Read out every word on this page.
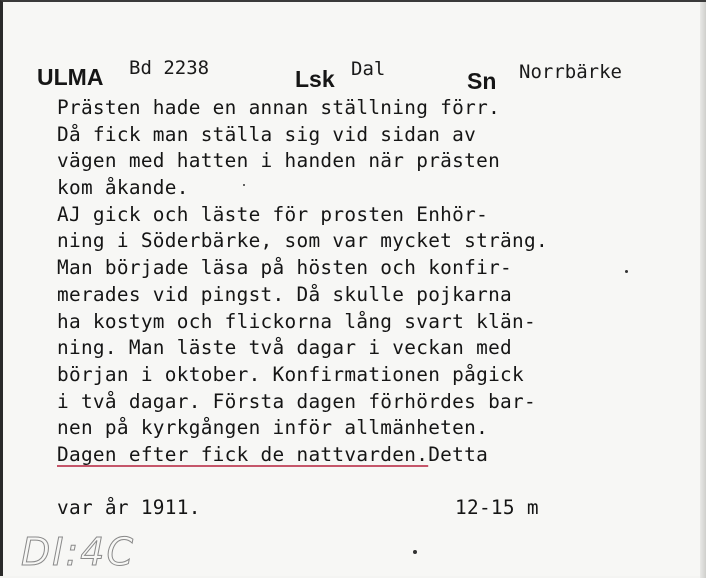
ULMA Bd 2238	Lsk Dal	Sn Norrbärke
Prästen hade en annan ställning förr.
Då fick man ställa sig vid sidan av
vägen med hatten i handen när prästen
kom åkande.
AJ gick och läste för prosten Enhör-
ning i Söderbärke, som var mycket sträng.
Man började läsa på hösten och konfir-
merades vid pingst. Då skulle pojkarna
ha kostym och flickorna lång svart klän-
ning. Man läste två dagar i veckan med
början i oktober. Konfirmationen pågick
i två dagar. Första dagen förhördes bar-
nen på kyrkgången inför allmänheten.
Dagen efter fick de nattvarden.Detta
var år 1911.	12-15 m
DI:4C
